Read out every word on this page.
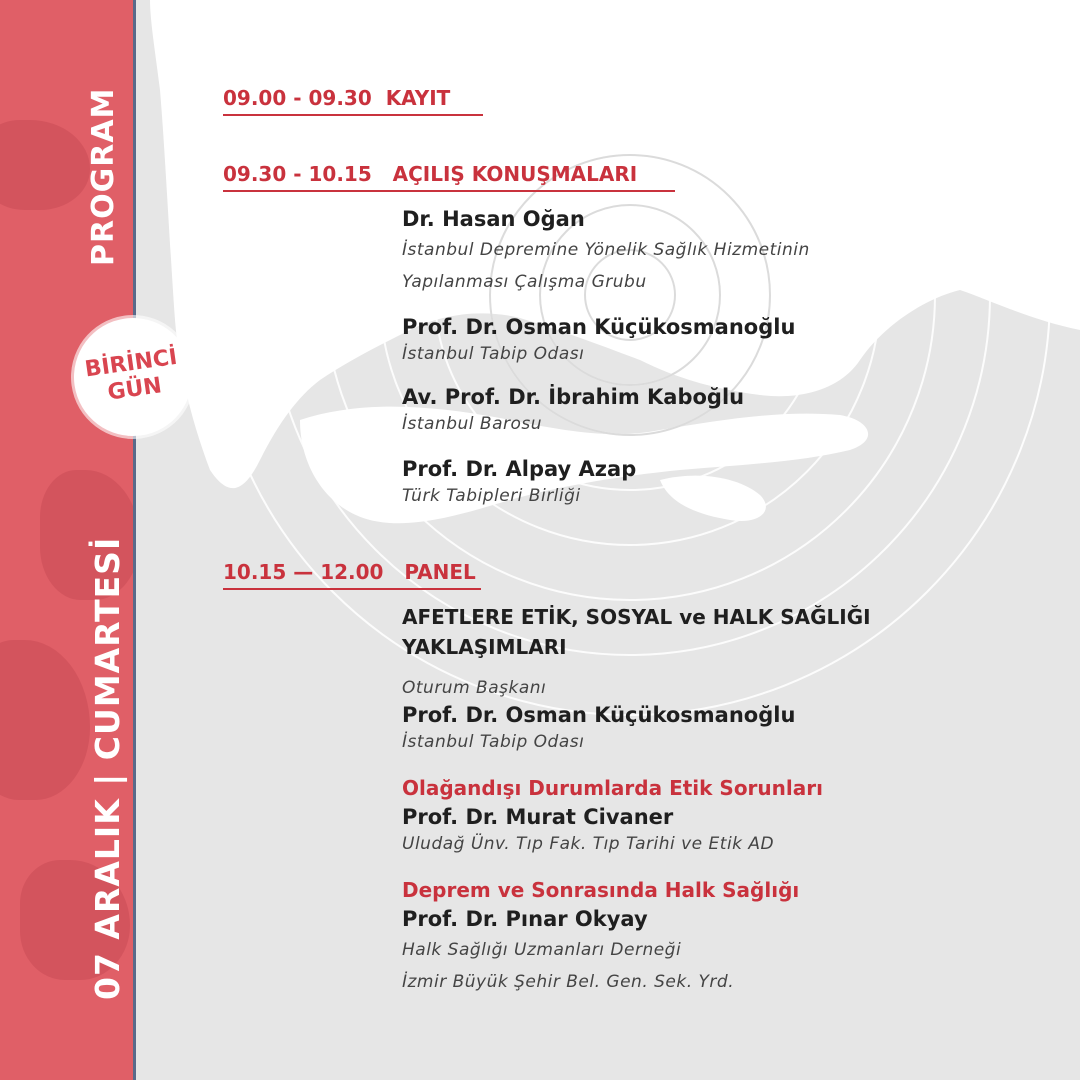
PROGRAM
07 ARALIK | CUMARTESİ
BİRİNCİ
GÜN
09.00 - 09.30 KAYIT
09.30 - 10.15 AÇILIŞ KONUŞMALARI
Dr. Hasan Oğan
İstanbul Depremine Yönelik Sağlık Hizmetinin
Yapılanması Çalışma Grubu
Prof. Dr. Osman Küçükosmanoğlu
İstanbul Tabip Odası
Av. Prof. Dr. İbrahim Kaboğlu
İstanbul Barosu
Prof. Dr. Alpay Azap
Türk Tabipleri Birliği
10.15 — 12.00 PANEL
AFETLERE ETİK, SOSYAL ve HALK SAĞLIĞI
YAKLAŞIMLARI
Oturum Başkanı
Prof. Dr. Osman Küçükosmanoğlu
İstanbul Tabip Odası
Olağandışı Durumlarda Etik Sorunları
Prof. Dr. Murat Civaner
Uludağ Ünv. Tıp Fak. Tıp Tarihi ve Etik AD
Deprem ve Sonrasında Halk Sağlığı
Prof. Dr. Pınar Okyay
Halk Sağlığı Uzmanları Derneği
İzmir Büyük Şehir Bel. Gen. Sek. Yrd.
